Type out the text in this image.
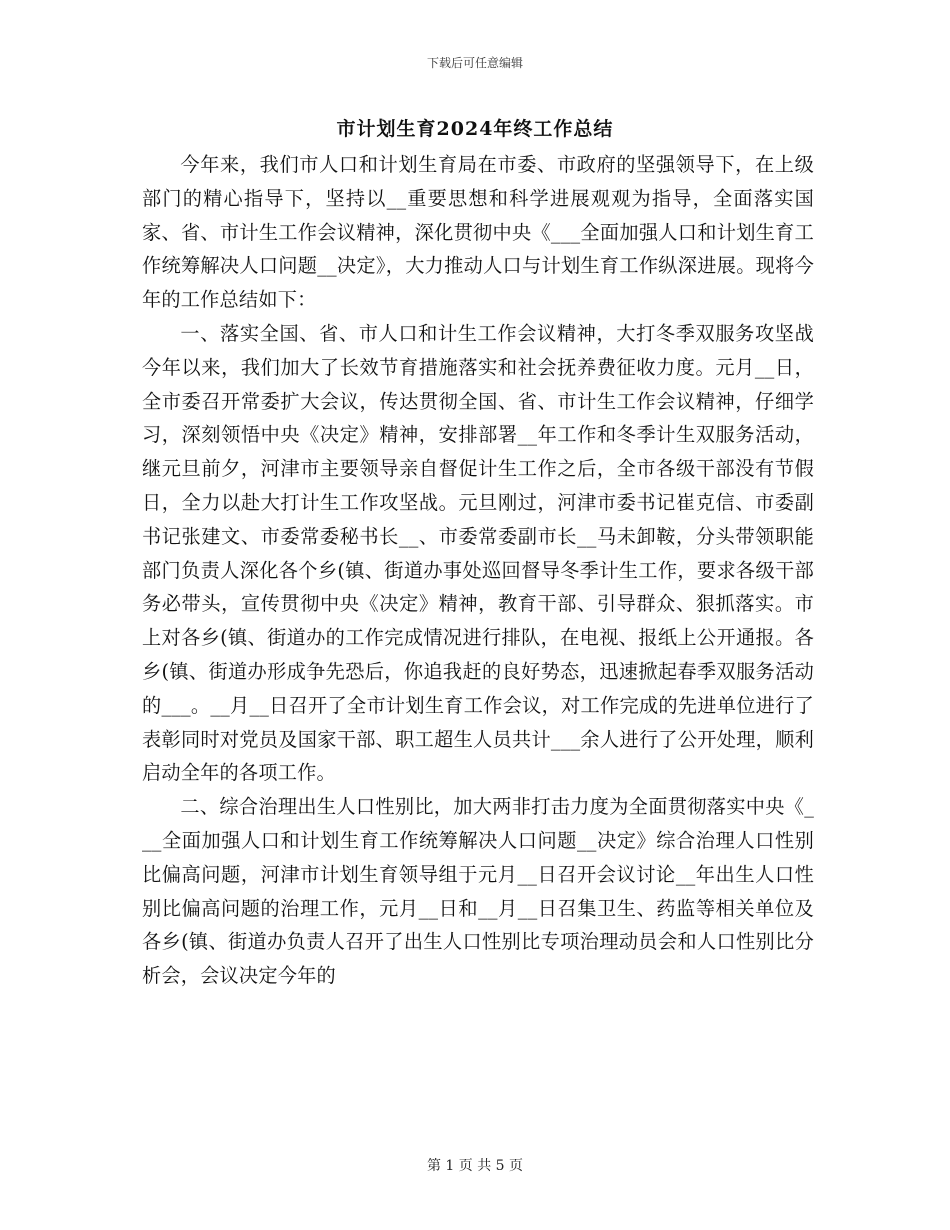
下载后可任意编辑
市计划生育2024年终工作总结

今年来，我们市人口和计划生育局在市委、市政府的坚强领导下，在上级部门的精心指导下，坚持以__重要思想和科学进展观观为指导，全面落实国家、省、市计生工作会议精神，深化贯彻中央《___全面加强人口和计划生育工作统筹解决人口问题__决定》，大力推动人口与计划生育工作纵深进展。现将今年的工作总结如下：

一、落实全国、省、市人口和计生工作会议精神，大打冬季双服务攻坚战今年以来，我们加大了长效节育措施落实和社会抚养费征收力度。元月__日，全市委召开常委扩大会议，传达贯彻全国、省、市计生工作会议精神，仔细学习，深刻领悟中央《决定》精神，安排部署__年工作和冬季计生双服务活动，继元旦前夕，河津市主要领导亲自督促计生工作之后，全市各级干部没有节假日，全力以赴大打计生工作攻坚战。元旦刚过，河津市委书记崔克信、市委副书记张建文、市委常委秘书长__、市委常委副市长__马未卸鞍，分头带领职能部门负责人深化各个乡(镇、街道办事处巡回督导冬季计生工作，要求各级干部务必带头，宣传贯彻中央《决定》精神，教育干部、引导群众、狠抓落实。市上对各乡(镇、街道办的工作完成情况进行排队，在电视、报纸上公开通报。各乡(镇、街道办形成争先恐后，你追我赶的良好势态，迅速掀起春季双服务活动的___。__月__日召开了全市计划生育工作会议，对工作完成的先进单位进行了表彰同时对党员及国家干部、职工超生人员共计___余人进行了公开处理，顺利启动全年的各项工作。

二、综合治理出生人口性别比，加大两非打击力度为全面贯彻落实中央《___全面加强人口和计划生育工作统筹解决人口问题__决定》综合治理人口性别比偏高问题，河津市计划生育领导组于元月__日召开会议讨论__年出生人口性别比偏高问题的治理工作，元月__日和__月__日召集卫生、药监等相关单位及各乡(镇、街道办负责人召开了出生人口性别比专项治理动员会和人口性别比分析会，会议决定今年的

第 1 页 共 5 页
